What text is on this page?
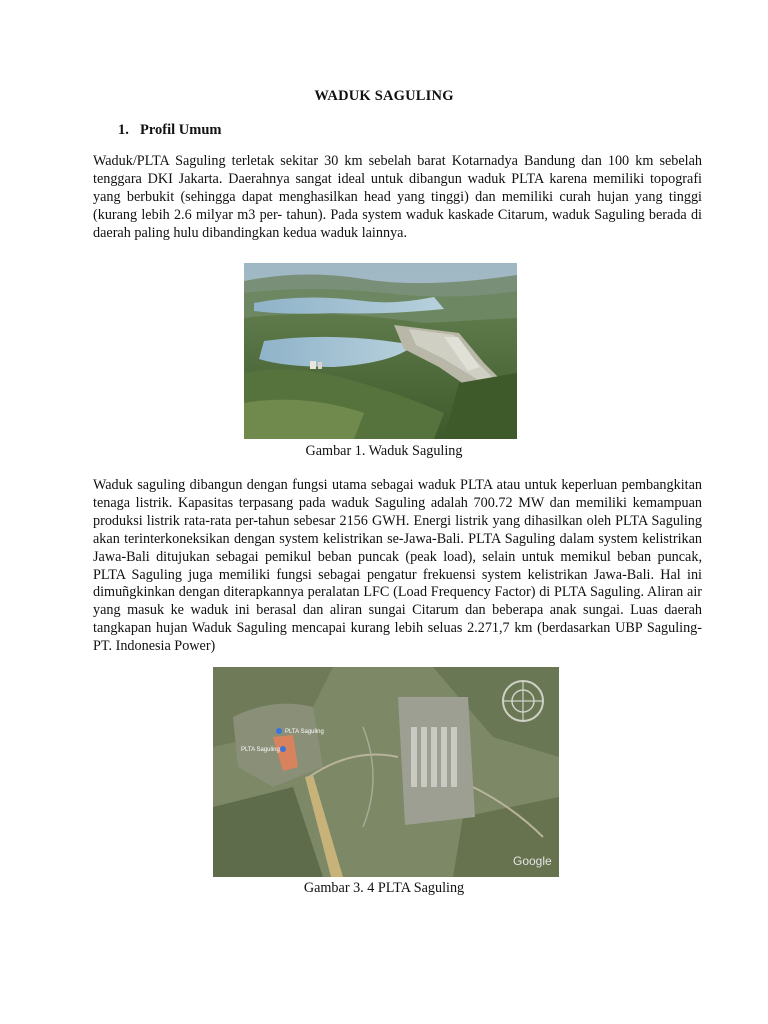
WADUK SAGULING
1. Profil Umum

Waduk/PLTA Saguling terletak sekitar 30 km sebelah barat Kotarnadya Bandung dan 100 km sebelah tenggara DKI Jakarta. Daerahnya sangat ideal untuk dibangun waduk PLTA karena memiliki topografi yang berbukit (sehingga dapat menghasilkan head yang tinggi) dan memiliki curah hujan yang tinggi (kurang lebih 2.6 milyar m3 per- tahun). Pada system waduk kaskade Citarum, waduk Saguling berada di daerah paling hulu dibandingkan kedua waduk lainnya.

Gambar 1. Waduk Saguling

Waduk saguling dibangun dengan fungsi utama sebagai waduk PLTA atau untuk keperluan pembangkitan tenaga listrik. Kapasitas terpasang pada waduk Saguling adalah 700.72 MW dan memiliki kemampuan produksi listrik rata-rata per-tahun sebesar 2156 GWH. Energi listrik yang dihasilkan oleh PLTA Saguling akan terinterkoneksikan dengan system kelistrikan se-Jawa-Bali. PLTA Saguling dalam system kelistrikan Jawa-Bali ditujukan sebagai pemikul beban puncak (peak load), selain untuk memikul beban puncak, PLTA Saguling juga memiliki fungsi sebagai pengatur frekuensi system kelistrikan Jawa-Bali. Hal ini dimuñgkinkan dengan diterapkannya peralatan LFC (Load Frequency Factor) di PLTA Saguling. Aliran air yang masuk ke waduk ini berasal dan aliran sungai Citarum dan beberapa anak sungai. Luas daerah tangkapan hujan Waduk Saguling mencapai kurang lebih seluas 2.271,7 km (berdasarkan UBP Saguling-PT. Indonesia Power)

PLTA Saguling
PLTA Saguling
Google
Gambar 3. 4 PLTA Saguling
